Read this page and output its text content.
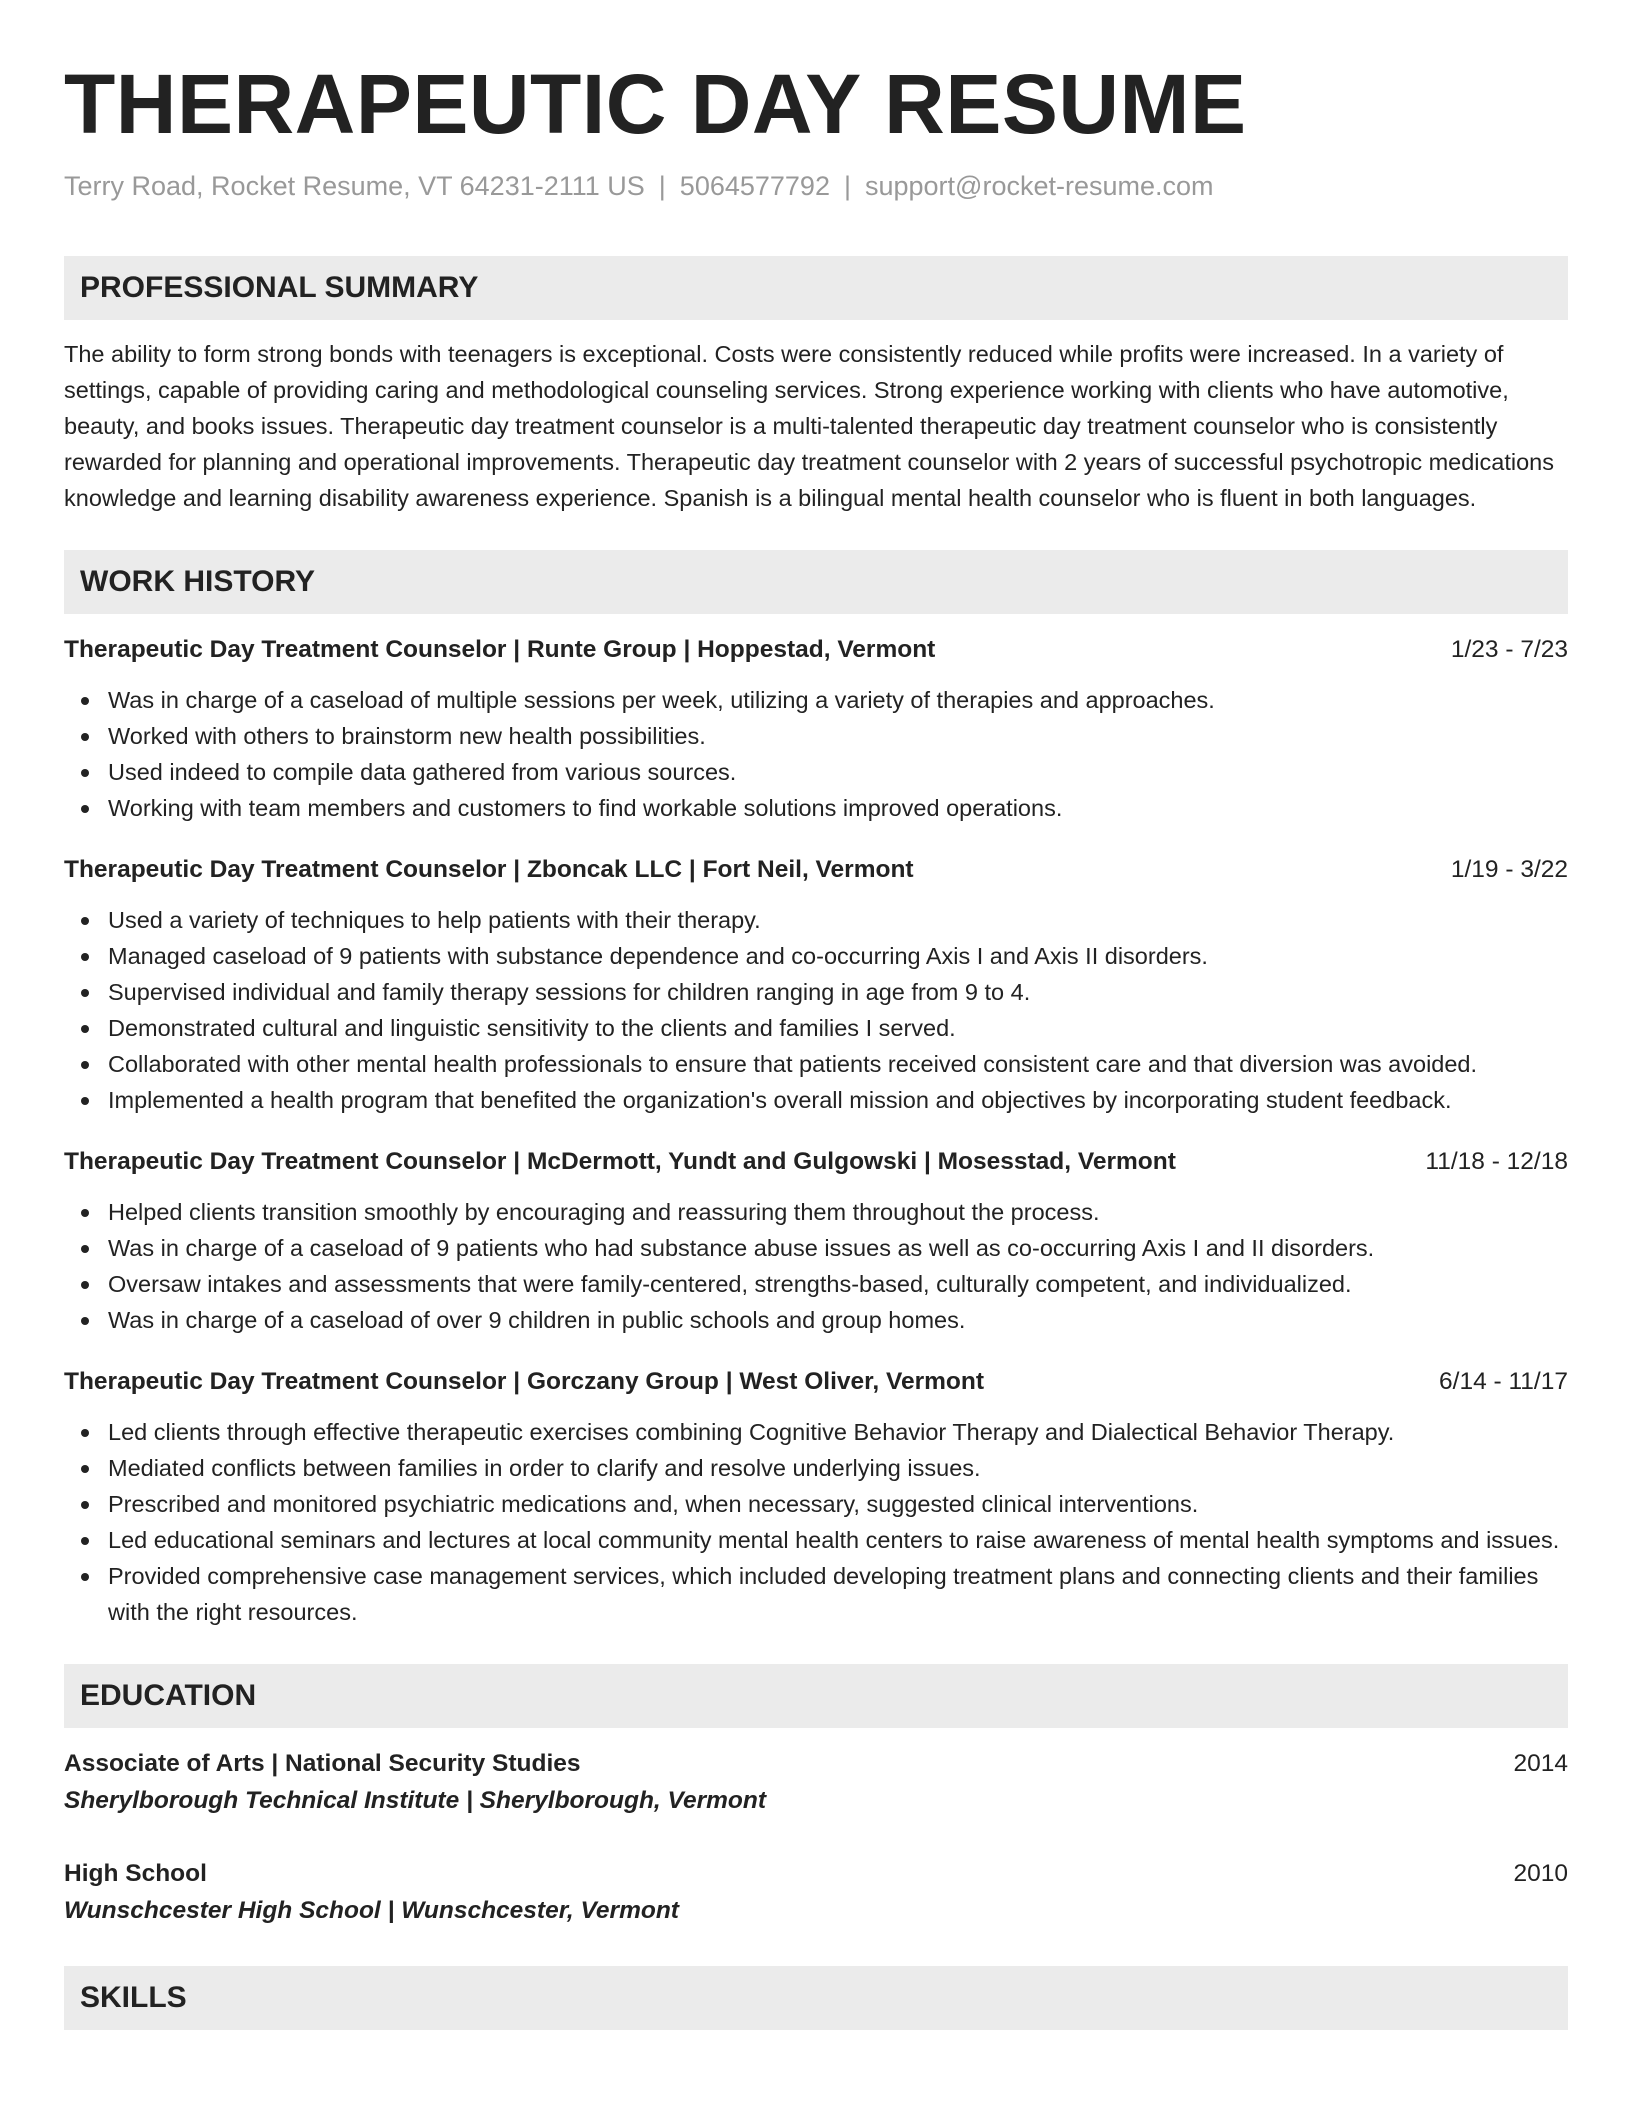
THERAPEUTIC DAY RESUME
Terry Road, Rocket Resume, VT 64231-2111 US | 5064577792 | support@rocket-resume.com
PROFESSIONAL SUMMARY
The ability to form strong bonds with teenagers is exceptional. Costs were consistently reduced while profits were increased. In a variety of settings, capable of providing caring and methodological counseling services. Strong experience working with clients who have automotive, beauty, and books issues. Therapeutic day treatment counselor is a multi-talented therapeutic day treatment counselor who is consistently rewarded for planning and operational improvements. Therapeutic day treatment counselor with 2 years of successful psychotropic medications knowledge and learning disability awareness experience. Spanish is a bilingual mental health counselor who is fluent in both languages.
WORK HISTORY
Therapeutic Day Treatment Counselor | Runte Group | Hoppestad, Vermont	1/23 - 7/23
Was in charge of a caseload of multiple sessions per week, utilizing a variety of therapies and approaches.
Worked with others to brainstorm new health possibilities.
Used indeed to compile data gathered from various sources.
Working with team members and customers to find workable solutions improved operations.
Therapeutic Day Treatment Counselor | Zboncak LLC | Fort Neil, Vermont	1/19 - 3/22
Used a variety of techniques to help patients with their therapy.
Managed caseload of 9 patients with substance dependence and co-occurring Axis I and Axis II disorders.
Supervised individual and family therapy sessions for children ranging in age from 9 to 4.
Demonstrated cultural and linguistic sensitivity to the clients and families I served.
Collaborated with other mental health professionals to ensure that patients received consistent care and that diversion was avoided.
Implemented a health program that benefited the organization's overall mission and objectives by incorporating student feedback.
Therapeutic Day Treatment Counselor | McDermott, Yundt and Gulgowski | Mosesstad, Vermont	11/18 - 12/18
Helped clients transition smoothly by encouraging and reassuring them throughout the process.
Was in charge of a caseload of 9 patients who had substance abuse issues as well as co-occurring Axis I and II disorders.
Oversaw intakes and assessments that were family-centered, strengths-based, culturally competent, and individualized.
Was in charge of a caseload of over 9 children in public schools and group homes.
Therapeutic Day Treatment Counselor | Gorczany Group | West Oliver, Vermont	6/14 - 11/17
Led clients through effective therapeutic exercises combining Cognitive Behavior Therapy and Dialectical Behavior Therapy.
Mediated conflicts between families in order to clarify and resolve underlying issues.
Prescribed and monitored psychiatric medications and, when necessary, suggested clinical interventions.
Led educational seminars and lectures at local community mental health centers to raise awareness of mental health symptoms and issues.
Provided comprehensive case management services, which included developing treatment plans and connecting clients and their families with the right resources.
EDUCATION
Associate of Arts | National Security Studies	2014
Sherylborough Technical Institute | Sherylborough, Vermont
High School	2010
Wunschcester High School | Wunschcester, Vermont
SKILLS
